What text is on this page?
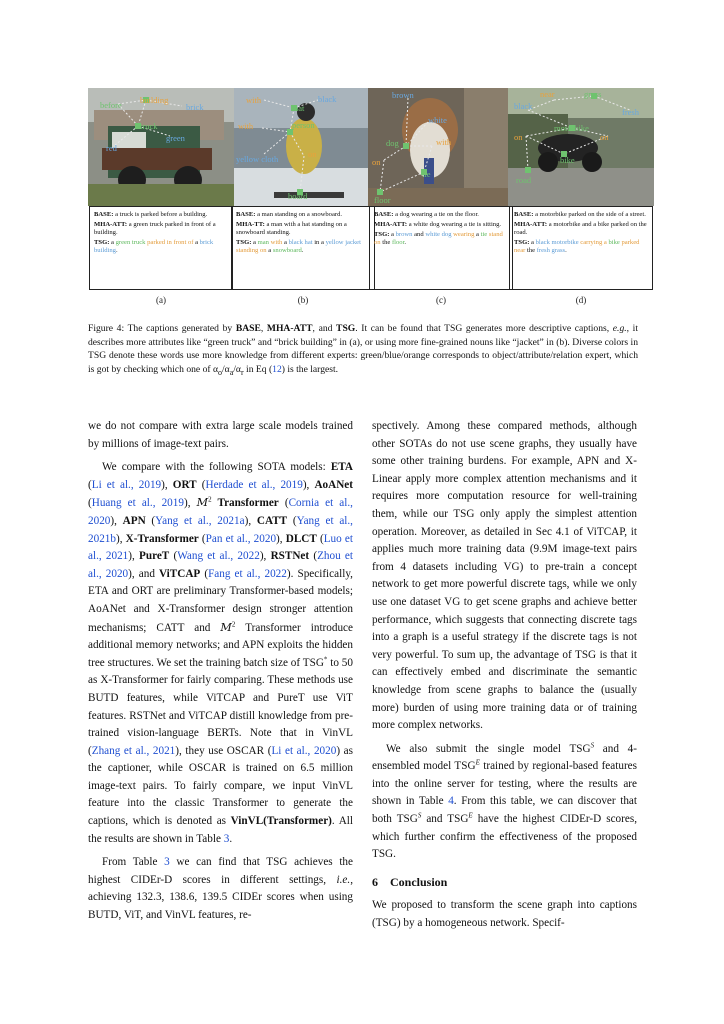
building
before	brick
truck
green
red
with	black
hat
with	person
yellow cloth	on
board
brown
white
dog	with
on
tie
floor
near	grass
black
fresh
motorbike
on	on
bike
road

BASE: a truck is parked before a building.

MHA-ATT: a green truck parked in front of a building.

TSG: a green truck parked in front of a brick building.

BASE: a man standing on a snowboard.

MHA-TT: a man with a hat standing on a snowboard standing.

TSG: a man with a black hat in a yellow jacket standing on a snowboard.

BASE: a dog wearing a tie on the floor.

MHA-ATT: a white dog wearing a tie is sitting.

TSG: a brown and white dog wearing a tie stand on the floor.

BASE: a motorbike parked on the side of a street.

MHA-ATT: a motorbike and a bike parked on the road.

TSG: a black motorbike carrying a bike parked near the fresh grass.

(a)	(b)	(c)	(d)
Figure 4: The captions generated by BASE, MHA-ATT, and TSG. It can be found that TSG generates more descriptive captions, e.g., it describes more attributes like “green truck” and “brick building” in (a), or using more fine-grained nouns like “jacket” in (b). Diverse colors in TSG denote these words use more knowledge from different experts: green/blue/orange corresponds to object/attribute/relation expert, which is got by checking which one of $\alpha_o/\alpha_a/\alpha_r$ in Eq (12) is the largest.

we do not compare with extra large scale models trained by millions of image-text pairs.

We compare with the following SOTA models: ETA (Li et al., 2019), ORT (Herdade et al., 2019), AoANet (Huang et al., 2019), $M^2$ Transformer (Cornia et al., 2020), APN (Yang et al., 2021a), CATT (Yang et al., 2021b), X-Transformer (Pan et al., 2020), DLCT (Luo et al., 2021), PureT (Wang et al., 2022), RSTNet (Zhou et al., 2020), and ViTCAP (Fang et al., 2022). Specifically, ETA and ORT are preliminary Transformer-based models; AoANet and X-Transformer design stronger attention mechanisms; CATT and $M^2$ Transformer introduce additional memory networks; and APN exploits the hidden tree structures. We set the training batch size of TSG* to 50 as X-Transformer for fairly comparing. These methods use BUTD features, while ViTCAP and PureT use ViT features. RSTNet and ViTCAP distill knowledge from pre-trained vision-language BERTs. Note that in VinVL (Zhang et al., 2021), they use OSCAR (Li et al., 2020) as the captioner, while OSCAR is trained on 6.5 million image-text pairs. To fairly compare, we input VinVL feature into the classic Transformer to generate the captions, which is denoted as VinVL(Transformer). All the results are shown in Table 3.

From Table 3 we can find that TSG achieves the highest CIDEr-D scores in different settings, i.e., achieving 132.3, 138.6, 139.5 CIDEr scores when using BUTD, ViT, and VinVL features, re-

spectively. Among these compared methods, although other SOTAs do not use scene graphs, they usually have some other training burdens. For example, APN and X-Linear apply more complex attention mechanisms and it requires more computation resource for well-training them, while our TSG only apply the simplest attention operation. Moreover, as detailed in Sec 4.1 of ViTCAP, it applies much more training data (9.9M image-text pairs from 4 datasets including VG) to pre-train a concept network to get more powerful discrete tags, while we only use one dataset VG to get scene graphs and achieve better performance, which suggests that connecting discrete tags into a graph is a useful strategy if the discrete tags is not very powerful. To sum up, the advantage of TSG is that it can effectively embed and discriminate the semantic knowledge from scene graphs to balance the (usually more) burden of using more training data or of training more complex networks.

We also submit the single model $TSG^S$ and 4-ensembled model $TSG^E$ trained by regional-based features into the online server for testing, where the results are shown in Table 4. From this table, we can discover that both $TSG^S$ and $TSG^E$ have the highest CIDEr-D scores, which further confirm the effectiveness of the proposed TSG.

6 Conclusion

We proposed to transform the scene graph into captions (TSG) by a homogeneous network. Specif-
